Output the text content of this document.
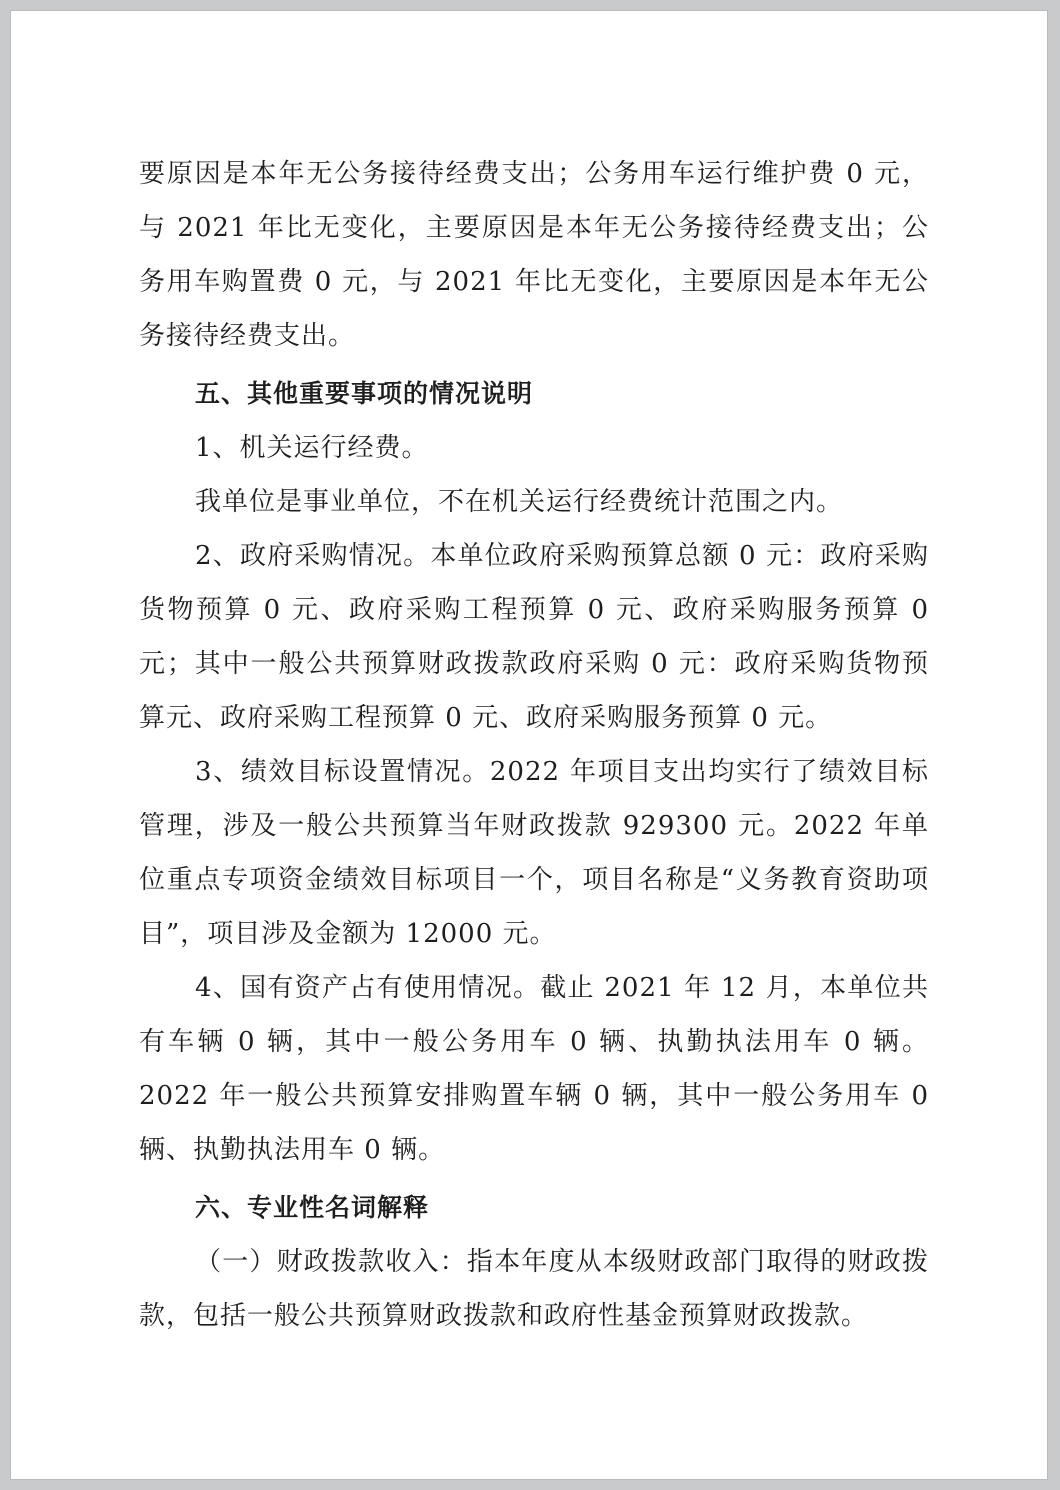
要原因是本年无公务接待经费支出；公务用车运行维护费 0 元，与 2021 年比无变化，主要原因是本年无公务接待经费支出；公务用车购置费 0 元，与 2021 年比无变化，主要原因是本年无公务接待经费支出。

五、其他重要事项的情况说明

1、机关运行经费。

我单位是事业单位，不在机关运行经费统计范围之内。

2、政府采购情况。本单位政府采购预算总额 0 元：政府采购货物预算 0 元、政府采购工程预算 0 元、政府采购服务预算 0 元；其中一般公共预算财政拨款政府采购 0 元：政府采购货物预算元、政府采购工程预算 0 元、政府采购服务预算 0 元。

3、绩效目标设置情况。2022 年项目支出均实行了绩效目标管理，涉及一般公共预算当年财政拨款 929300 元。2022 年单位重点专项资金绩效目标项目一个，项目名称是“义务教育资助项目”，项目涉及金额为 12000 元。

4、国有资产占有使用情况。截止 2021 年 12 月，本单位共有车辆 0 辆，其中一般公务用车 0 辆、执勤执法用车 0 辆。2022 年一般公共预算安排购置车辆 0 辆，其中一般公务用车 0 辆、执勤执法用车 0 辆。

六、专业性名词解释

（一）财政拨款收入：指本年度从本级财政部门取得的财政拨款，包括一般公共预算财政拨款和政府性基金预算财政拨款。
